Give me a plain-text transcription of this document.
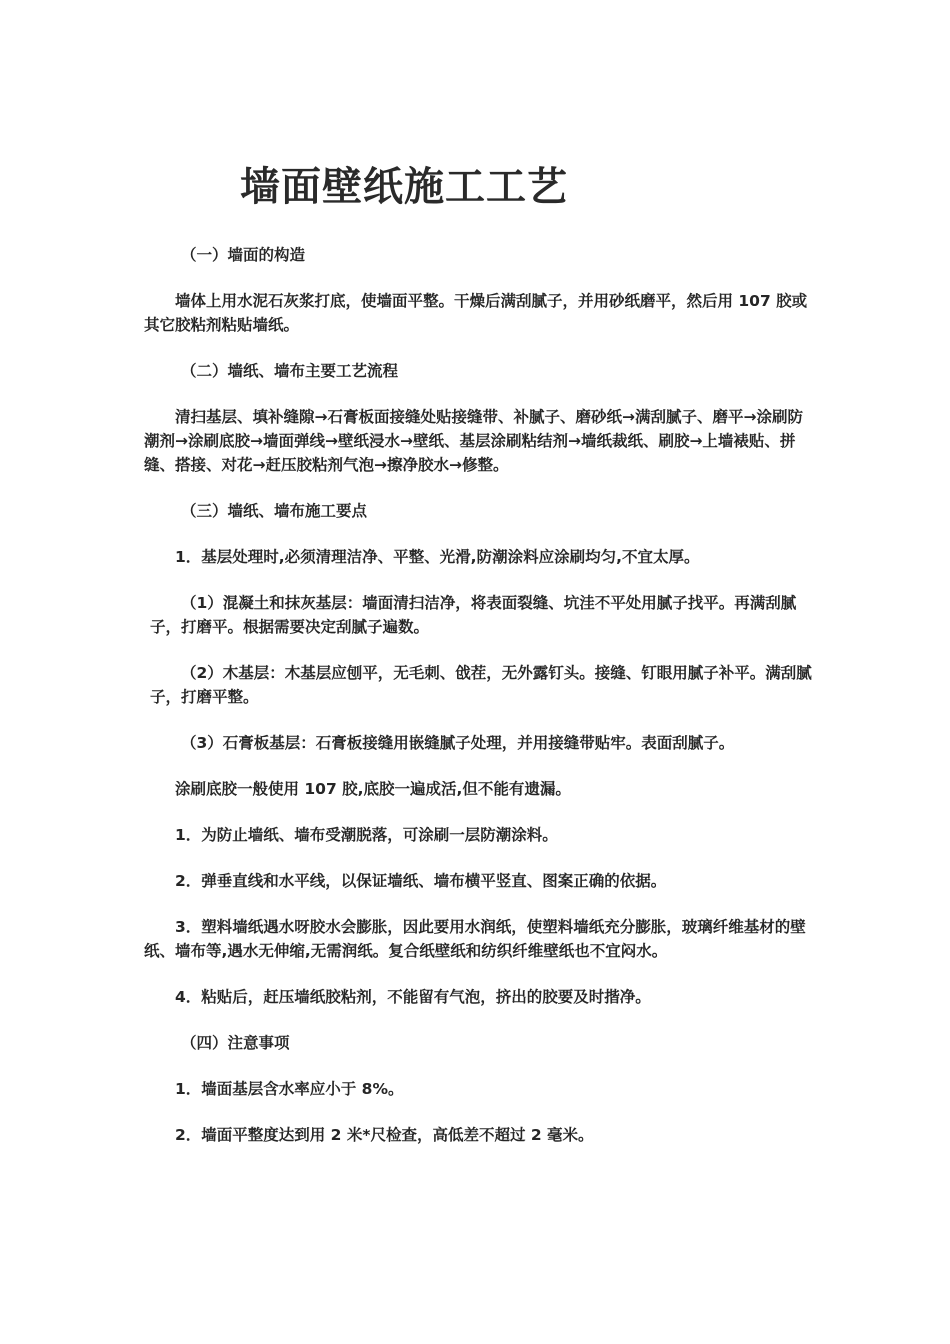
墙面壁纸施工工艺

（一）墙面的构造

墙体上用水泥石灰浆打底，使墙面平整。干燥后满刮腻子，并用砂纸磨平，然后用 107 胶或其它胶粘剂粘贴墙纸。

（二）墙纸、墙布主要工艺流程

清扫基层、填补缝隙→石膏板面接缝处贴接缝带、补腻子、磨砂纸→满刮腻子、磨平→涂刷防潮剂→涂刷底胶→墙面弹线→壁纸浸水→壁纸、基层涂刷粘结剂→墙纸裁纸、刷胶→上墙裱贴、拼缝、搭接、对花→赶压胶粘剂气泡→擦净胶水→修整。

（三）墙纸、墙布施工要点

1．基层处理时,必须清理洁净、平整、光滑,防潮涂料应涂刷均匀,不宜太厚。

（1）混凝土和抹灰基层：墙面清扫洁净，将表面裂缝、坑洼不平处用腻子找平。再满刮腻子，打磨平。根据需要决定刮腻子遍数。

（2）木基层：木基层应刨平，无毛刺、戗茬，无外露钉头。接缝、钉眼用腻子补平。满刮腻子，打磨平整。

（3）石膏板基层：石膏板接缝用嵌缝腻子处理，并用接缝带贴牢。表面刮腻子。

涂刷底胶一般使用 107 胶,底胶一遍成活,但不能有遗漏。

1．为防止墙纸、墙布受潮脱落，可涂刷一层防潮涂料。

2．弹垂直线和水平线，以保证墙纸、墙布横平竖直、图案正确的依据。

3．塑料墙纸遇水呀胶水会膨胀，因此要用水润纸，使塑料墙纸充分膨胀，玻璃纤维基材的壁纸、墙布等,遇水无伸缩,无需润纸。复合纸壁纸和纺织纤维壁纸也不宜闷水。

4．粘贴后，赶压墙纸胶粘剂，不能留有气泡，挤出的胶要及时揩净。

（四）注意事项

1．墙面基层含水率应小于 8%。

2．墙面平整度达到用 2 米*尺检查，高低差不超过 2 毫米。
